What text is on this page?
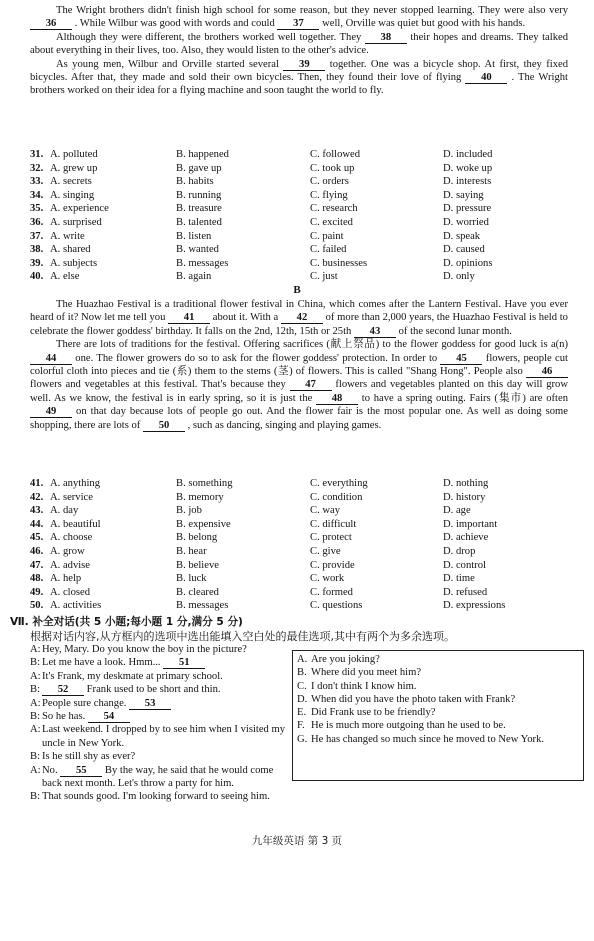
The Wright brothers didn't finish high school for some reason, but they never stopped learning. They were also very 36 . While Wilbur was good with words and could 37 well, Orville was quiet but good with his hands.
Although they were different, the brothers worked well together. They 38 their hopes and dreams. They talked about everything in their lives, too. Also, they would listen to the other's advice.
As young men, Wilbur and Orville started several 39 together. One was a bicycle shop. At first, they fixed bicycles. After that, they made and sold their own bicycles. Then, they found their love of flying 40 . The Wright brothers worked on their idea for a flying machine and soon taught the world to fly.
31. A. polluted	B. happened	C. followed	D. included
32. A. grew up	B. gave up	C. took up	D. woke up
33. A. secrets	B. habits	C. orders	D. interests
34. A. singing	B. running	C. flying	D. saying
35. A. experience	B. treasure	C. research	D. pressure
36. A. surprised	B. talented	C. excited	D. worried
37. A. write	B. listen	C. paint	D. speak
38. A. shared	B. wanted	C. failed	D. caused
39. A. subjects	B. messages	C. businesses	D. opinions
40. A. else	B. again	C. just	D. only
B
The Huazhao Festival is a traditional flower festival in China, which comes after the Lantern Festival. Have you ever heard of it? Now let me tell you 41 about it. With a 42 of more than 2,000 years, the Huazhao Festival is held to celebrate the flower goddess' birthday. It falls on the 2nd, 12th, 15th or 25th 43 of the second lunar month.
There are lots of traditions for the festival. Offering sacrifices (献上祭品) to the flower goddess for good luck is a(n) 44 one. The flower growers do so to ask for the flower goddess' protection. In order to 45 flowers, people cut colorful cloth into pieces and tie (系) them to the stems (茎) of flowers. This is called "Shang Hong". People also 46 flowers and vegetables at this festival. That's because they 47 flowers and vegetables planted on this day will grow well. As we know, the festival is in early spring, so it is just the 48 to have a spring outing. Fairs (集市) are often 49 on that day because lots of people go out. And the flower fair is the most popular one. As well as doing some shopping, there are lots of 50 , such as dancing, singing and playing games.
41. A. anything	B. something	C. everything	D. nothing
42. A. service	B. memory	C. condition	D. history
43. A. day	B. job	C. way	D. age
44. A. beautiful	B. expensive	C. difficult	D. important
45. A. choose	B. belong	C. protect	D. achieve
46. A. grow	B. hear	C. give	D. drop
47. A. advise	B. believe	C. provide	D. control
48. A. help	B. luck	C. work	D. time
49. A. closed	B. cleared	C. formed	D. refused
50. A. activities	B. messages	C. questions	D. expressions
Ⅶ. 补全对话(共 5 小题;每小题 1 分,满分 5 分)
根据对话内容,从方框内的选项中选出能填入空白处的最佳选项,其中有两个为多余选项。
A: Hey, Mary. Do you know the boy in the picture?
B: Let me have a look. Hmm... 51
A: It's Frank, my deskmate at primary school.
B: 52 Frank used to be short and thin.
A: People sure change. 53
B: So he has. 54
A: Last weekend. I dropped by to see him when I visited my uncle in New York.
B: Is he still shy as ever?
A: No. 55 By the way, he said that he would come back next month. Let's throw a party for him.
B: That sounds good. I'm looking forward to seeing him.
A. Are you joking?
B. Where did you meet him?
C. I don't think I know him.
D. When did you have the photo taken with Frank?
E. Did Frank use to be friendly?
F. He is much more outgoing than he used to be.
G. He has changed so much since he moved to New York.
九年级英语 第 3 页
